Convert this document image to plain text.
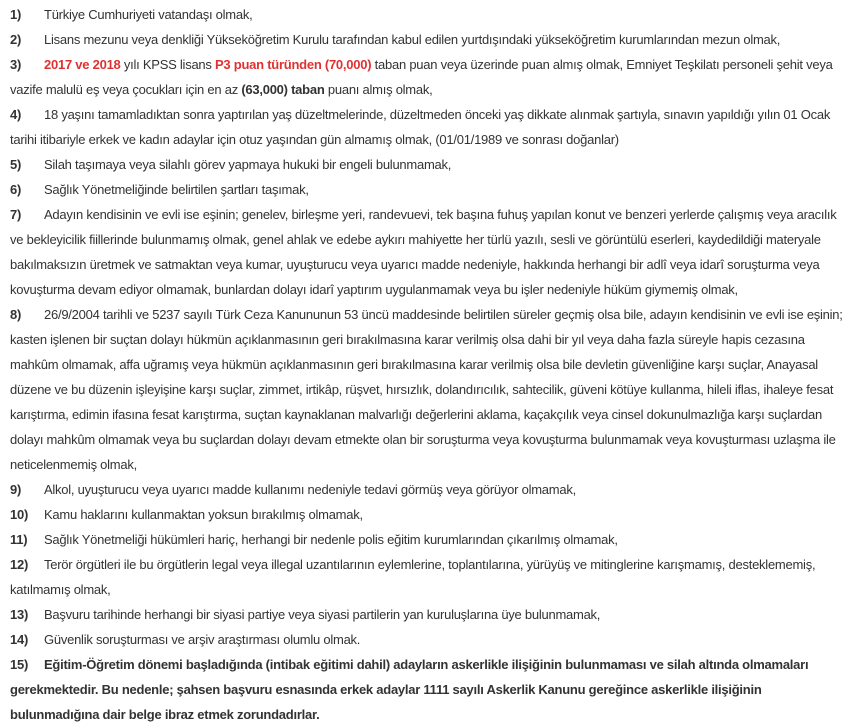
1) Türkiye Cumhuriyeti vatandaşı olmak,

2) Lisans mezunu veya denkliği Yükseköğretim Kurulu tarafından kabul edilen yurtdışındaki yükseköğretim kurumlarından mezun olmak,

3) 2017 ve 2018 yılı KPSS lisans P3 puan türünden (70,000) taban puan veya üzerinde puan almış olmak, Emniyet Teşkilatı personeli şehit veya vazife malulü eş veya çocukları için en az (63,000) taban puanı almış olmak,

4) 18 yaşını tamamladıktan sonra yaptırılan yaş düzeltmelerinde, düzeltmeden önceki yaş dikkate alınmak şartıyla, sınavın yapıldığı yılın 01 Ocak tarihi itibariyle erkek ve kadın adaylar için otuz yaşından gün almamış olmak, (01/01/1989 ve sonrası doğanlar)

5) Silah taşımaya veya silahlı görev yapmaya hukuki bir engeli bulunmamak,

6) Sağlık Yönetmeliğinde belirtilen şartları taşımak,

7) Adayın kendisinin ve evli ise eşinin; genelev, birleşme yeri, randevuevi, tek başına fuhuş yapılan konut ve benzeri yerlerde çalışmış veya aracılık ve bekleyicilik fiillerinde bulunmamış olmak, genel ahlak ve edebe aykırı mahiyette her türlü yazılı, sesli ve görüntülü eserleri, kaydedildiği materyale bakılmaksızın üretmek ve satmaktan veya kumar, uyuşturucu veya uyarıcı madde nedeniyle, hakkında herhangi bir adlî veya idarî soruşturma veya kovuşturma devam ediyor olmamak, bunlardan dolayı idarî yaptırım uygulanmamak veya bu işler nedeniyle hüküm giymemiş olmak,

8) 26/9/2004 tarihli ve 5237 sayılı Türk Ceza Kanununun 53 üncü maddesinde belirtilen süreler geçmiş olsa bile, adayın kendisinin ve evli ise eşinin; kasten işlenen bir suçtan dolayı hükmün açıklanmasının geri bırakılmasına karar verilmiş olsa dahi bir yıl veya daha fazla süreyle hapis cezasına mahkûm olmamak, affa uğramış veya hükmün açıklanmasının geri bırakılmasına karar verilmiş olsa bile devletin güvenliğine karşı suçlar, Anayasal düzene ve bu düzenin işleyişine karşı suçlar, zimmet, irtikâp, rüşvet, hırsızlık, dolandırıcılık, sahtecilik, güveni kötüye kullanma, hileli iflas, ihaleye fesat karıştırma, edimin ifasına fesat karıştırma, suçtan kaynaklanan malvarlığı değerlerini aklama, kaçakçılık veya cinsel dokunulmazlığa karşı suçlardan dolayı mahkûm olmamak veya bu suçlardan dolayı devam etmekte olan bir soruşturma veya kovuşturma bulunmamak veya kovuşturması uzlaşma ile neticelenmemiş olmak,

9) Alkol, uyuşturucu veya uyarıcı madde kullanımı nedeniyle tedavi görmüş veya görüyor olmamak,

10) Kamu haklarını kullanmaktan yoksun bırakılmış olmamak,

11) Sağlık Yönetmeliği hükümleri hariç, herhangi bir nedenle polis eğitim kurumlarından çıkarılmış olmamak,

12) Terör örgütleri ile bu örgütlerin legal veya illegal uzantılarının eylemlerine, toplantılarına, yürüyüş ve mitinglerine karışmamış, desteklememiş, katılmamış olmak,

13) Başvuru tarihinde herhangi bir siyasi partiye veya siyasi partilerin yan kuruluşlarına üye bulunmamak,

14) Güvenlik soruşturması ve arşiv araştırması olumlu olmak.

15) Eğitim-Öğretim dönemi başladığında (intibak eğitimi dahil) adayların askerlikle ilişiğinin bulunmaması ve silah altında olmamaları gerekmektedir. Bu nedenle; şahsen başvuru esnasında erkek adaylar 1111 sayılı Askerlik Kanunu gereğince askerlikle ilişiğinin bulunmadığına dair belge ibraz etmek zorundadırlar.
